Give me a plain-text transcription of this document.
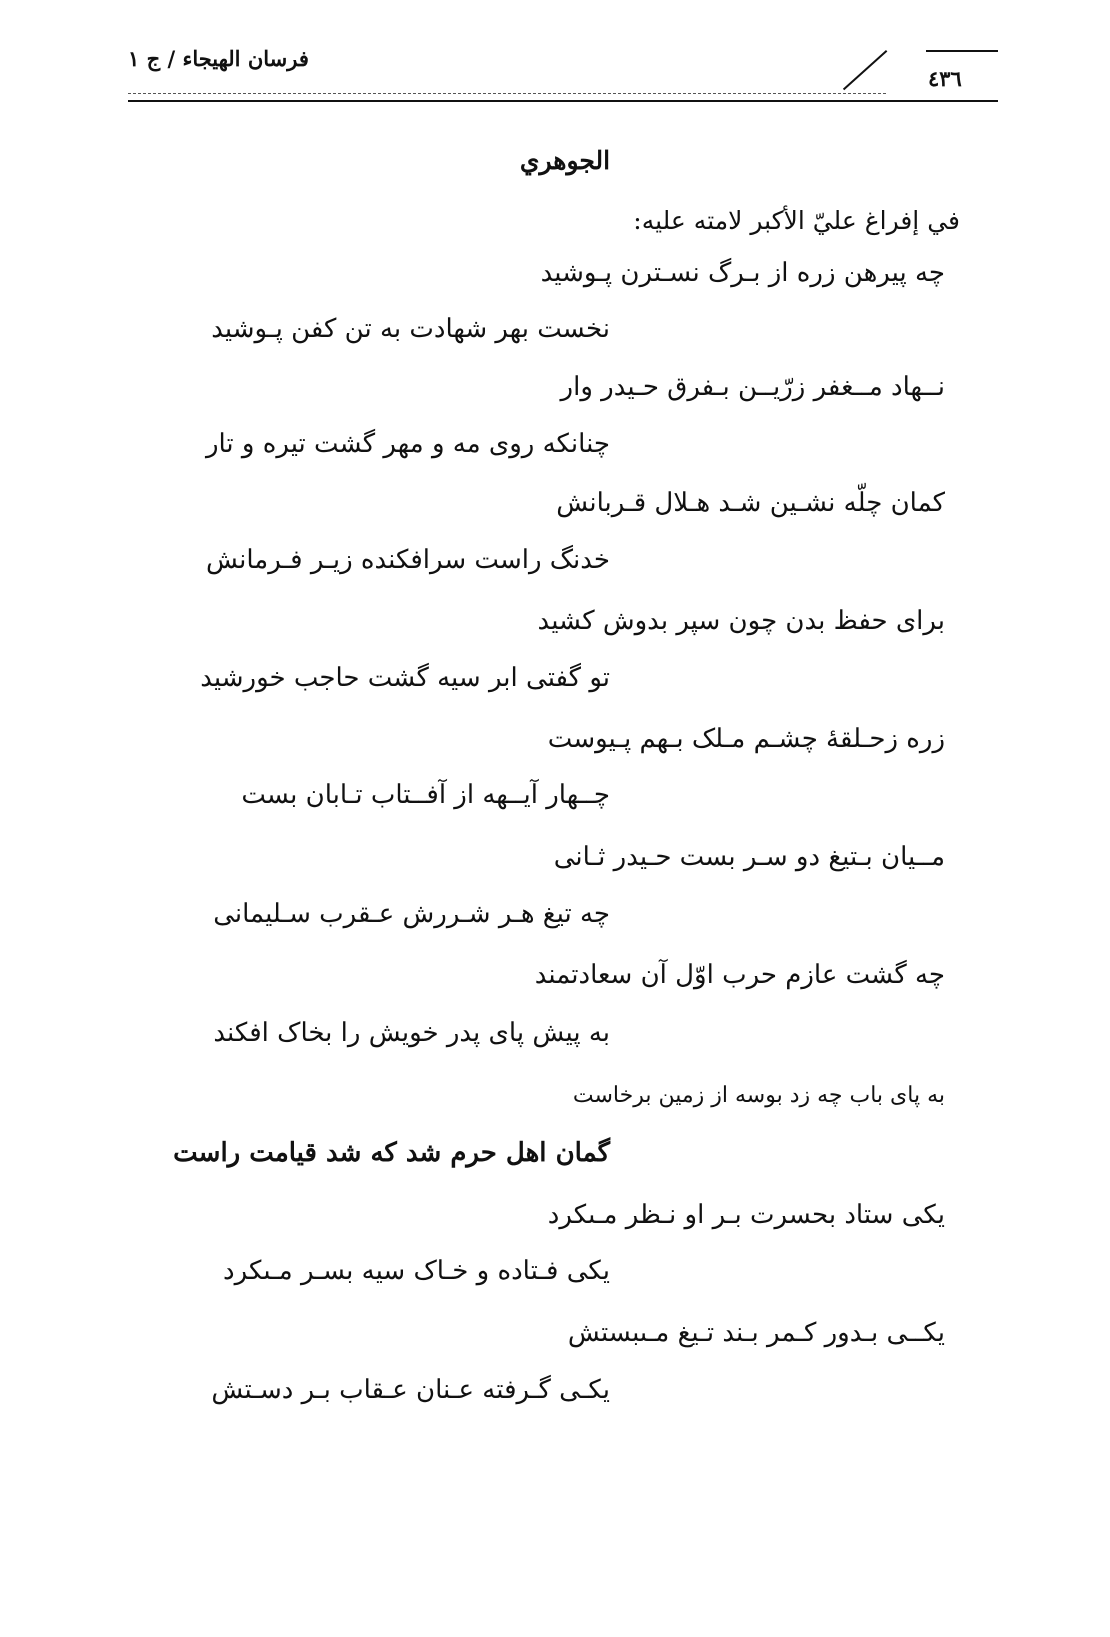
فرسان الهيجاء / ج ١
٤٣٦
الجوهري
في إفراغ عليّ الأكبر لامته عليه:
چه پيرهن زره از بـرگ نسـترن پـوشيد
نخست بهر شهادت به تن كفن پـوشيد
نــهاد مــغفر زرّيــن بـفرق حـيدر وار
چنانكه روى مه و مهر گشت تيره و تار
كمان چلّه نشـين شـد هـلال قـربانش
خدنگ راست سرافكنده زيـر فـرمانش
براى حفظ بدن چون سپر بدوش كشيد
تو گفتى ابر سيه گشت حاجب خورشيد
زره زحـلقهٔ چشـم مـلک بـهم پـيوست
چــهار آيــهه از آفــتاب تـابان بست
مــيان بـتيغ دو سـر بست حـيدر ثـانى
چه تيغ هـر شـررش عـقرب سـليمانى
چه گشت عازم حرب اوّل آن سعادتمند
به پيش پاى پدر خويش را بخاک افكند
به پاى باب چه زد بوسه از زمين برخاست
گمان اهل حرم شد كه شد قيامت راست
يكى ستاد بحسرت بـر او نـظر مـىكرد
يكى فـتاده و خـاک سيه بسـر مـىكرد
يكــى بـدور كـمر بـند تـيغ مـىبستش
يكـى گـرفته عـنان عـقاب بـر دسـتش
